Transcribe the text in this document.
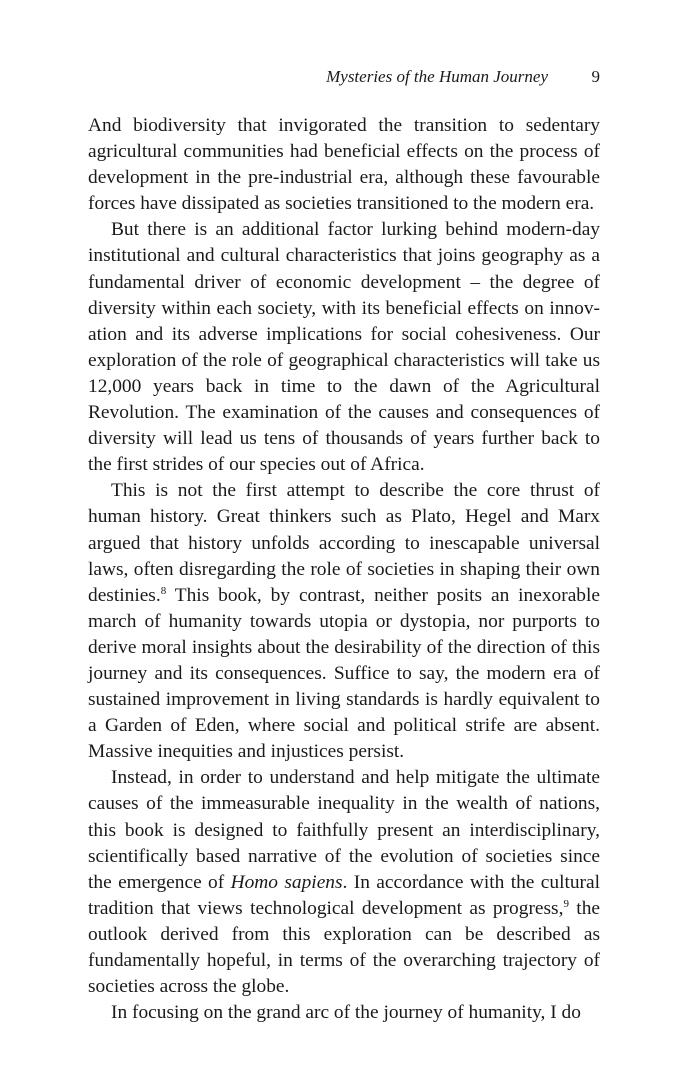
Mysteries of the Human Journey	9

And biodiversity that invigorated the transition to sedentary agricultural communities had beneficial effects on the process of development in the pre-industrial era, although these favourable forces have dissipated as societies transitioned to the modern era.

But there is an additional factor lurking behind modern-day institutional and cultural characteristics that joins geography as a fundamental driver of economic development – the degree of diversity within each society, with its beneficial effects on innovation and its adverse implications for social cohesiveness. Our exploration of the role of geographical characteristics will take us 12,000 years back in time to the dawn of the Agricultural Revolution. The examination of the causes and consequences of diversity will lead us tens of thousands of years further back to the first strides of our species out of Africa.

This is not the first attempt to describe the core thrust of human history. Great thinkers such as Plato, Hegel and Marx argued that history unfolds according to inescapable universal laws, often disregarding the role of societies in shaping their own destinies.$^8$ This book, by contrast, neither posits an inexorable march of humanity towards utopia or dystopia, nor purports to derive moral insights about the desirability of the direction of this journey and its consequences. Suffice to say, the modern era of sustained improvement in living standards is hardly equivalent to a Garden of Eden, where social and political strife are absent. Massive inequities and injustices persist.

Instead, in order to understand and help mitigate the ultimate causes of the immeasurable inequality in the wealth of nations, this book is designed to faithfully present an interdisciplinary, scientifically based narrative of the evolution of societies since the emergence of Homo sapiens. In accordance with the cultural tradition that views technological development as progress,$^9$ the outlook derived from this exploration can be described as fundamentally hopeful, in terms of the overarching trajectory of societies across the globe.

In focusing on the grand arc of the journey of humanity, I do
